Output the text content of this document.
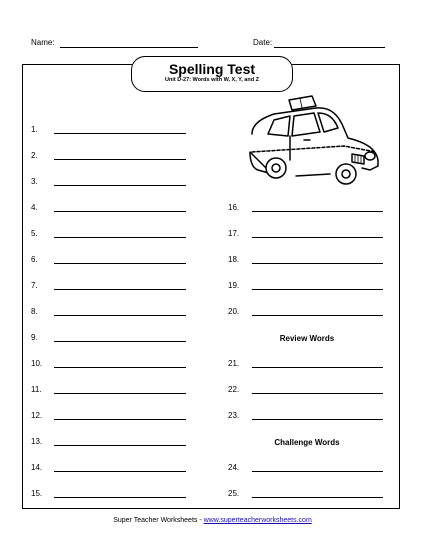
Name:	Date:
Spelling Test
Unit D-27: Words with W, X, Y, and Z
1.
2.
3.
4.
5.
6.
7.
8.
9.
10.
11.
12.
13.
14.
15.
16.
17.
18.
19.
20.
21.
22.
23.
24.
25.
Review Words
Challenge Words
Super Teacher Worksheets - www.superteacherworksheets.com
